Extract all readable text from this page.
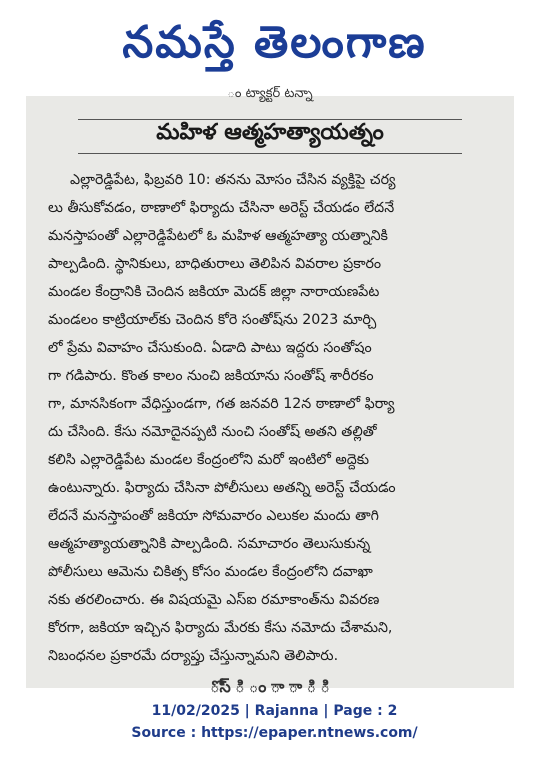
నమస్తే తెలంగాణ
ం ట్యాక్టర్ టన్నా
మహిళ ఆత్మహత్యాయత్నం
ఎల్లారెడ్డిపేట, ఫిబ్రవరి 10: తనను మోసం చేసిన వ్యక్తిపై చర్య
లు తీసుకోవడం, ఠాణాలో ఫిర్యాదు చేసినా అరెస్ట్ చేయడం లేదనే
మనస్తాపంతో ఎల్లారెడ్డిపేటలో ఓ మహిళ ఆత్మహత్యా యత్నానికి
పాల్పడింది. స్థానికులు, బాధితురాలు తెలిపిన వివరాల ప్రకారం
మండల కేంద్రానికి చెందిన జకియా మెదక్ జిల్లా నారాయణపేట
మండలం కాట్రియాల్‌కు చెందిన కోరె సంతోష్‌ను 2023 మార్చి
లో ప్రేమ వివాహం చేసుకుంది. ఏడాది పాటు ఇద్దరు సంతోషం
గా గడిపారు. కొంత కాలం నుంచి జకియాను సంతోష్ శారీరకం
గా, మానసికంగా వేధిస్తుండగా, గత జనవరి 12న ఠాణాలో ఫిర్యా
దు చేసింది. కేసు నమోదైనప్పటి నుంచి సంతోష్ అతని తల్లితో
కలిసి ఎల్లారెడ్డిపేట మండల కేంద్రంలోని మరో ఇంటిలో అద్దెకు
ఉంటున్నారు. ఫిర్యాదు చేసినా పోలీసులు అతన్ని అరెస్ట్ చేయడం
లేదనే మనస్తాపంతో జకియా సోమవారం ఎలుకల మందు తాగి
ఆత్మహత్యాయత్నానికి పాల్పడింది. సమాచారం తెలుసుకున్న
పోలీసులు ఆమెను చికిత్స కోసం మండల కేంద్రంలోని దవాఖా
నకు తరలించారు. ఈ విషయమై ఎస్ఐ రమాకాంత్‌ను వివరణ
కోరగా, జకియా ఇచ్చిన ఫిర్యాదు మేరకు కేసు నమోదు చేశామని,
నిబంధనల ప్రకారమే దర్యాప్తు చేస్తున్నామని తెలిపారు.
ోస్ ి ం ా ా ి ి
11/02/2025 | Rajanna | Page : 2
Source : https://epaper.ntnews.com/
